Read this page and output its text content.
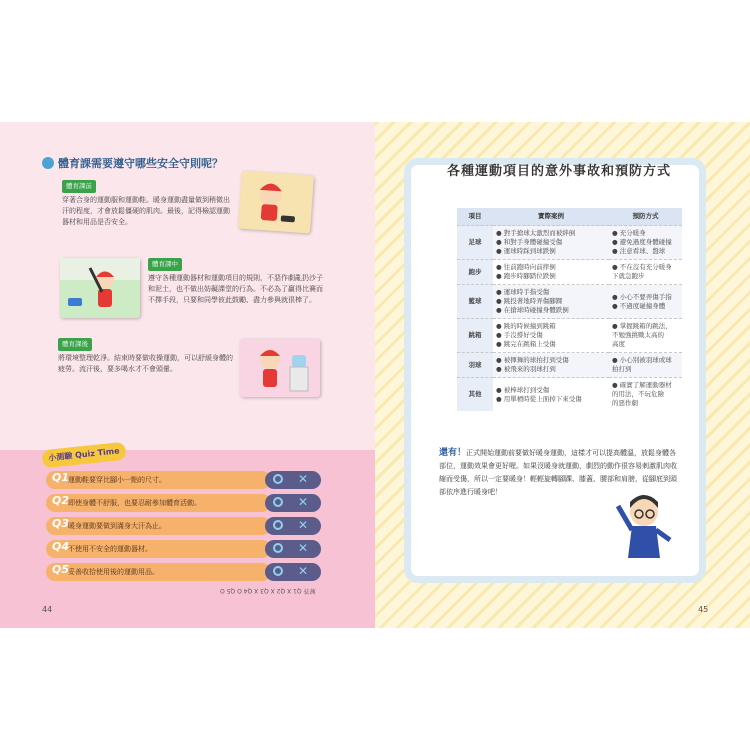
體育課需要遵守哪些安全守則呢？
體育課前
穿著合身的運動服和運動鞋。暖身運動盡量做到稍微出汗的程度，才會放鬆僵硬的肌肉。最後，記得檢認運動器材和用品是否安全。
體育課中
遵守各種運動器材和運動項目的規則，不惡作劇亂扔沙子和泥土，也不做出妨礙課堂的行為。不必為了贏得比賽而不擇手段，只要和同學彼此鼓勵、盡力參與就很棒了。
體育課後
將環境整理乾淨。結束時要做收操運動，可以舒緩身體的疲勞。流汗後，要多喝水才不會頭暈。
小測驗 Quiz Time
Q1
運動鞋要穿比腳小一點的尺寸。	✕
Q2
即使身體不舒服，也要忍耐參加體育活動。	✕
Q3
暖身運動要做到滿身大汗為止。	✕
Q4
不使用不安全的運動器材。	✕
Q5
妥善收拾使用後的運動用品。	✕
解答 Q1 X Q2 X Q3 X Q4 O Q5 O
44
各種運動項目的意外事故和預防方式
項目	實際案例	預防方式
足球	● 對手搶球太激烈而被絆倒
● 和對手身體碰撞受傷
● 運球時踩到球跌倒	● 充分暖身
● 避免過度身體碰撞
● 注意看球、盤球
跑步	● 往前跑時向前摔倒
● 跑步時腳踏位跌倒	● 不在沒有充分暖身
下就急跑步
籃球	● 運球時手指受傷
● 跳投著地時弄傷腳踝
● 在搶球時碰撞身體跌倒	● 小心不要弄傷手指
● 不過度碰撞身體
跳箱	● 跳的時候撞到跳箱
● 手沒撐好受傷
● 跳完在跳箱上受傷	● 掌握跳箱的跳法，
不勉強挑戰太高的
高度
羽球	● 被揮舞的球拍打到受傷
● 被飛來的羽球打到	● 小心別被羽球或球
拍打到
其他	● 被棒球打到受傷
● 用單槓時從上面掉下來受傷	● 確實了解運動器材
的用法，不玩危險
的惡作劇
還有！正式開始運動前要做好暖身運動，這樣才可以提高體溫，放鬆身體各部位，運動效果會更好喔。如果沒暖身就運動，劇烈的動作很容易刺激肌肉收縮而受傷，所以一定要暖身！輕輕旋轉腳踝、膝蓋、腰部和肩膀，從腳底到頭部依序進行暖身吧！
45
